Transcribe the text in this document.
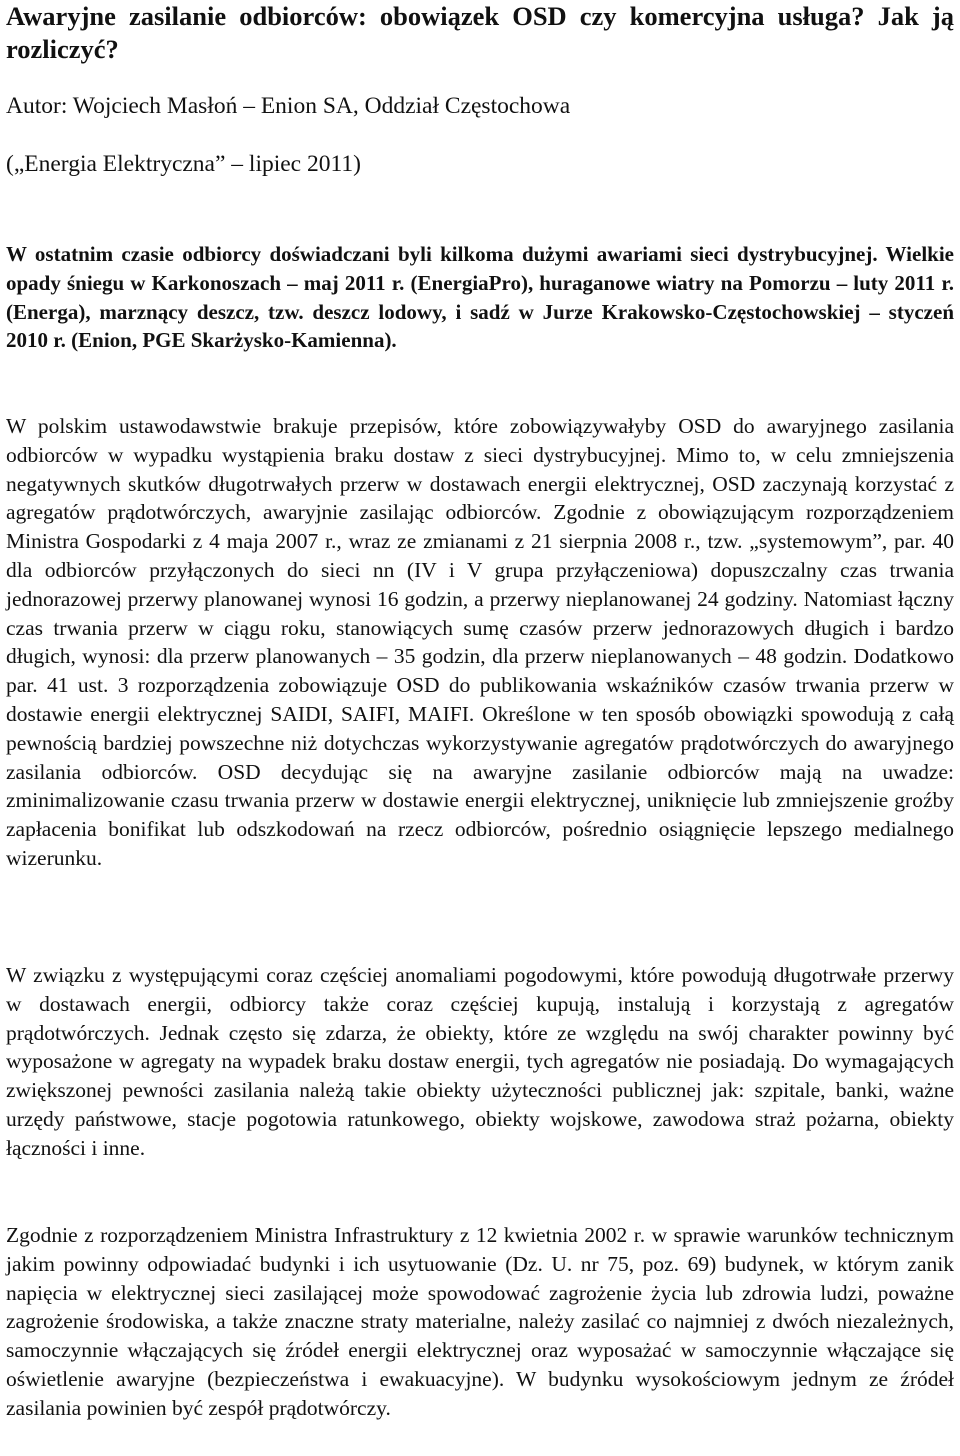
Awaryjne zasilanie odbiorców: obowiązek OSD czy komercyjna usługa? Jak ją rozliczyć?

Autor: Wojciech Masłoń – Enion SA, Oddział Częstochowa

(„Energia Elektryczna” – lipiec 2011)

W ostatnim czasie odbiorcy doświadczani byli kilkoma dużymi awariami sieci dystrybucyjnej. Wielkie opady śniegu w Karkonoszach – maj 2011 r. (EnergiaPro), huraganowe wiatry na Pomorzu – luty 2011 r. (Energa), marznący deszcz, tzw. deszcz lodowy, i sadź w Jurze Krakowsko-Częstochowskiej – styczeń 2010 r. (Enion, PGE Skarżysko-Kamienna).

W polskim ustawodawstwie brakuje przepisów, które zobowiązywałyby OSD do awaryjnego zasilania odbiorców w wypadku wystąpienia braku dostaw z sieci dystrybucyjnej. Mimo to, w celu zmniejszenia negatywnych skutków długotrwałych przerw w dostawach energii elektrycznej, OSD zaczynają korzystać z agregatów prądotwórczych, awaryjnie zasilając odbiorców. Zgodnie z obowiązującym rozporządzeniem Ministra Gospodarki z 4 maja 2007 r., wraz ze zmianami z 21 sierpnia 2008 r., tzw. „systemowym”, par. 40 dla odbiorców przyłączonych do sieci nn (IV i V grupa przyłączeniowa) dopuszczalny czas trwania jednorazowej przerwy planowanej wynosi 16 godzin, a przerwy nieplanowanej 24 godziny. Natomiast łączny czas trwania przerw w ciągu roku, stanowiących sumę czasów przerw jednorazowych długich i bardzo długich, wynosi: dla przerw planowanych – 35 godzin, dla przerw nieplanowanych – 48 godzin. Dodatkowo par. 41 ust. 3 rozporządzenia zobowiązuje OSD do publikowania wskaźników czasów trwania przerw w dostawie energii elektrycznej SAIDI, SAIFI, MAIFI. Określone w ten sposób obowiązki spowodują z całą pewnością bardziej powszechne niż dotychczas wykorzystywanie agregatów prądotwórczych do awaryjnego zasilania odbiorców. OSD decydując się na awaryjne zasilanie odbiorców mają na uwadze: zminimalizowanie czasu trwania przerw w dostawie energii elektrycznej, uniknięcie lub zmniejszenie groźby zapłacenia bonifikat lub odszkodowań na rzecz odbiorców, pośrednio osiągnięcie lepszego medialnego wizerunku.

W związku z występującymi coraz częściej anomaliami pogodowymi, które powodują długotrwałe przerwy w dostawach energii, odbiorcy także coraz częściej kupują, instalują i korzystają z agregatów prądotwórczych. Jednak często się zdarza, że obiekty, które ze względu na swój charakter powinny być wyposażone w agregaty na wypadek braku dostaw energii, tych agregatów nie posiadają. Do wymagających zwiększonej pewności zasilania należą takie obiekty użyteczności publicznej jak: szpitale, banki, ważne urzędy państwowe, stacje pogotowia ratunkowego, obiekty wojskowe, zawodowa straż pożarna, obiekty łączności i inne.

Zgodnie z rozporządzeniem Ministra Infrastruktury z 12 kwietnia 2002 r. w sprawie warunków technicznym jakim powinny odpowiadać budynki i ich usytuowanie (Dz. U. nr 75, poz. 69) budynek, w którym zanik napięcia w elektrycznej sieci zasilającej może spowodować zagrożenie życia lub zdrowia ludzi, poważne zagrożenie środowiska, a także znaczne straty materialne, należy zasilać co najmniej z dwóch niezależnych, samoczynnie włączających się źródeł energii elektrycznej oraz wyposażać w samoczynnie włączające się oświetlenie awaryjne (bezpieczeństwa i ewakuacyjne). W budynku wysokościowym jednym ze źródeł zasilania powinien być zespół prądotwórczy.
